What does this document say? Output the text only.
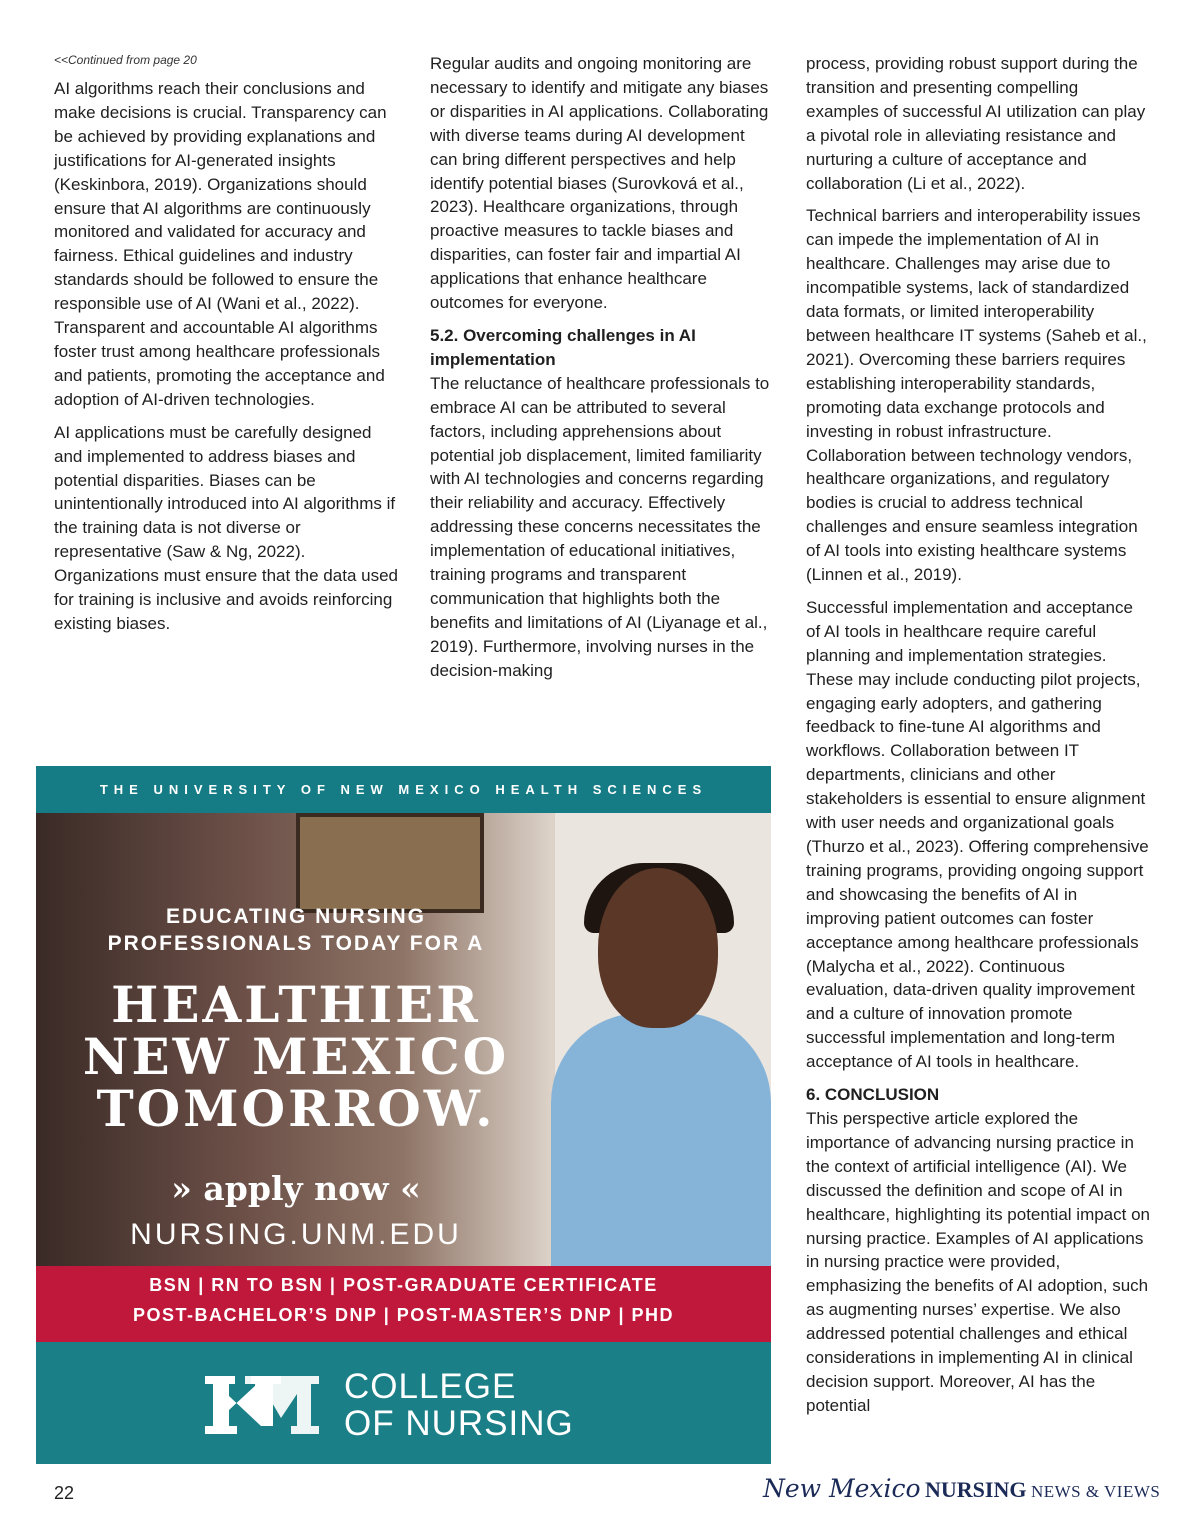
<<Continued from page 20

AI algorithms reach their conclusions and make decisions is crucial. Transparency can be achieved by providing explanations and justifications for AI-generated insights (Keskinbora, 2019). Organizations should ensure that AI algorithms are continuously monitored and validated for accuracy and fairness. Ethical guidelines and industry standards should be followed to ensure the responsible use of AI (Wani et al., 2022). Transparent and accountable AI algorithms foster trust among healthcare professionals and patients, promoting the acceptance and adoption of AI-driven technologies.

AI applications must be carefully designed and implemented to address biases and potential disparities. Biases can be unintentionally introduced into AI algorithms if the training data is not diverse or representative (Saw & Ng, 2022). Organizations must ensure that the data used for training is inclusive and avoids reinforcing existing biases.

Regular audits and ongoing monitoring are necessary to identify and mitigate any biases or disparities in AI applications. Collaborating with diverse teams during AI development can bring different perspectives and help identify potential biases (Surovková et al., 2023). Healthcare organizations, through proactive measures to tackle biases and disparities, can foster fair and impartial AI applications that enhance healthcare outcomes for everyone.

5.2. Overcoming challenges in AI implementation

The reluctance of healthcare professionals to embrace AI can be attributed to several factors, including apprehensions about potential job displacement, limited familiarity with AI technologies and concerns regarding their reliability and accuracy. Effectively addressing these concerns necessitates the implementation of educational initiatives, training programs and transparent communication that highlights both the benefits and limitations of AI (Liyanage et al., 2019). Furthermore, involving nurses in the decision-making

process, providing robust support during the transition and presenting compelling examples of successful AI utilization can play a pivotal role in alleviating resistance and nurturing a culture of acceptance and collaboration (Li et al., 2022).

Technical barriers and interoperability issues can impede the implementation of AI in healthcare. Challenges may arise due to incompatible systems, lack of standardized data formats, or limited interoperability between healthcare IT systems (Saheb et al., 2021). Overcoming these barriers requires establishing interoperability standards, promoting data exchange protocols and investing in robust infrastructure. Collaboration between technology vendors, healthcare organizations, and regulatory bodies is crucial to address technical challenges and ensure seamless integration of AI tools into existing healthcare systems (Linnen et al., 2019).

Successful implementation and acceptance of AI tools in healthcare require careful planning and implementation strategies. These may include conducting pilot projects, engaging early adopters, and gathering feedback to fine-tune AI algorithms and workflows. Collaboration between IT departments, clinicians and other stakeholders is essential to ensure alignment with user needs and organizational goals (Thurzo et al., 2023). Offering comprehensive training programs, providing ongoing support and showcasing the benefits of AI in improving patient outcomes can foster acceptance among healthcare professionals (Malycha et al., 2022). Continuous evaluation, data-driven quality improvement and a culture of innovation promote successful implementation and long-term acceptance of AI tools in healthcare.

6. CONCLUSION

This perspective article explored the importance of advancing nursing practice in the context of artificial intelligence (AI). We discussed the definition and scope of AI in healthcare, highlighting its potential impact on nursing practice. Examples of AI applications in nursing practice were provided, emphasizing the benefits of AI adoption, such as augmenting nurses’ expertise. We also addressed potential challenges and ethical considerations in implementing AI in clinical decision support. Moreover, AI has the potential

THE UNIVERSITY OF NEW MEXICO HEALTH SCIENCES
EDUCATING NURSING
PROFESSIONALS TODAY FOR A
HEALTHIER
NEW MEXICO
TOMORROW.
» apply now «
NURSING.UNM.EDU
BSN | RN TO BSN | POST-GRADUATE CERTIFICATE
POST-BACHELOR’S DNP | POST-MASTER’S DNP | PHD
COLLEGE
OF NURSING
22	New Mexico NURSING NEWS & VIEWS
